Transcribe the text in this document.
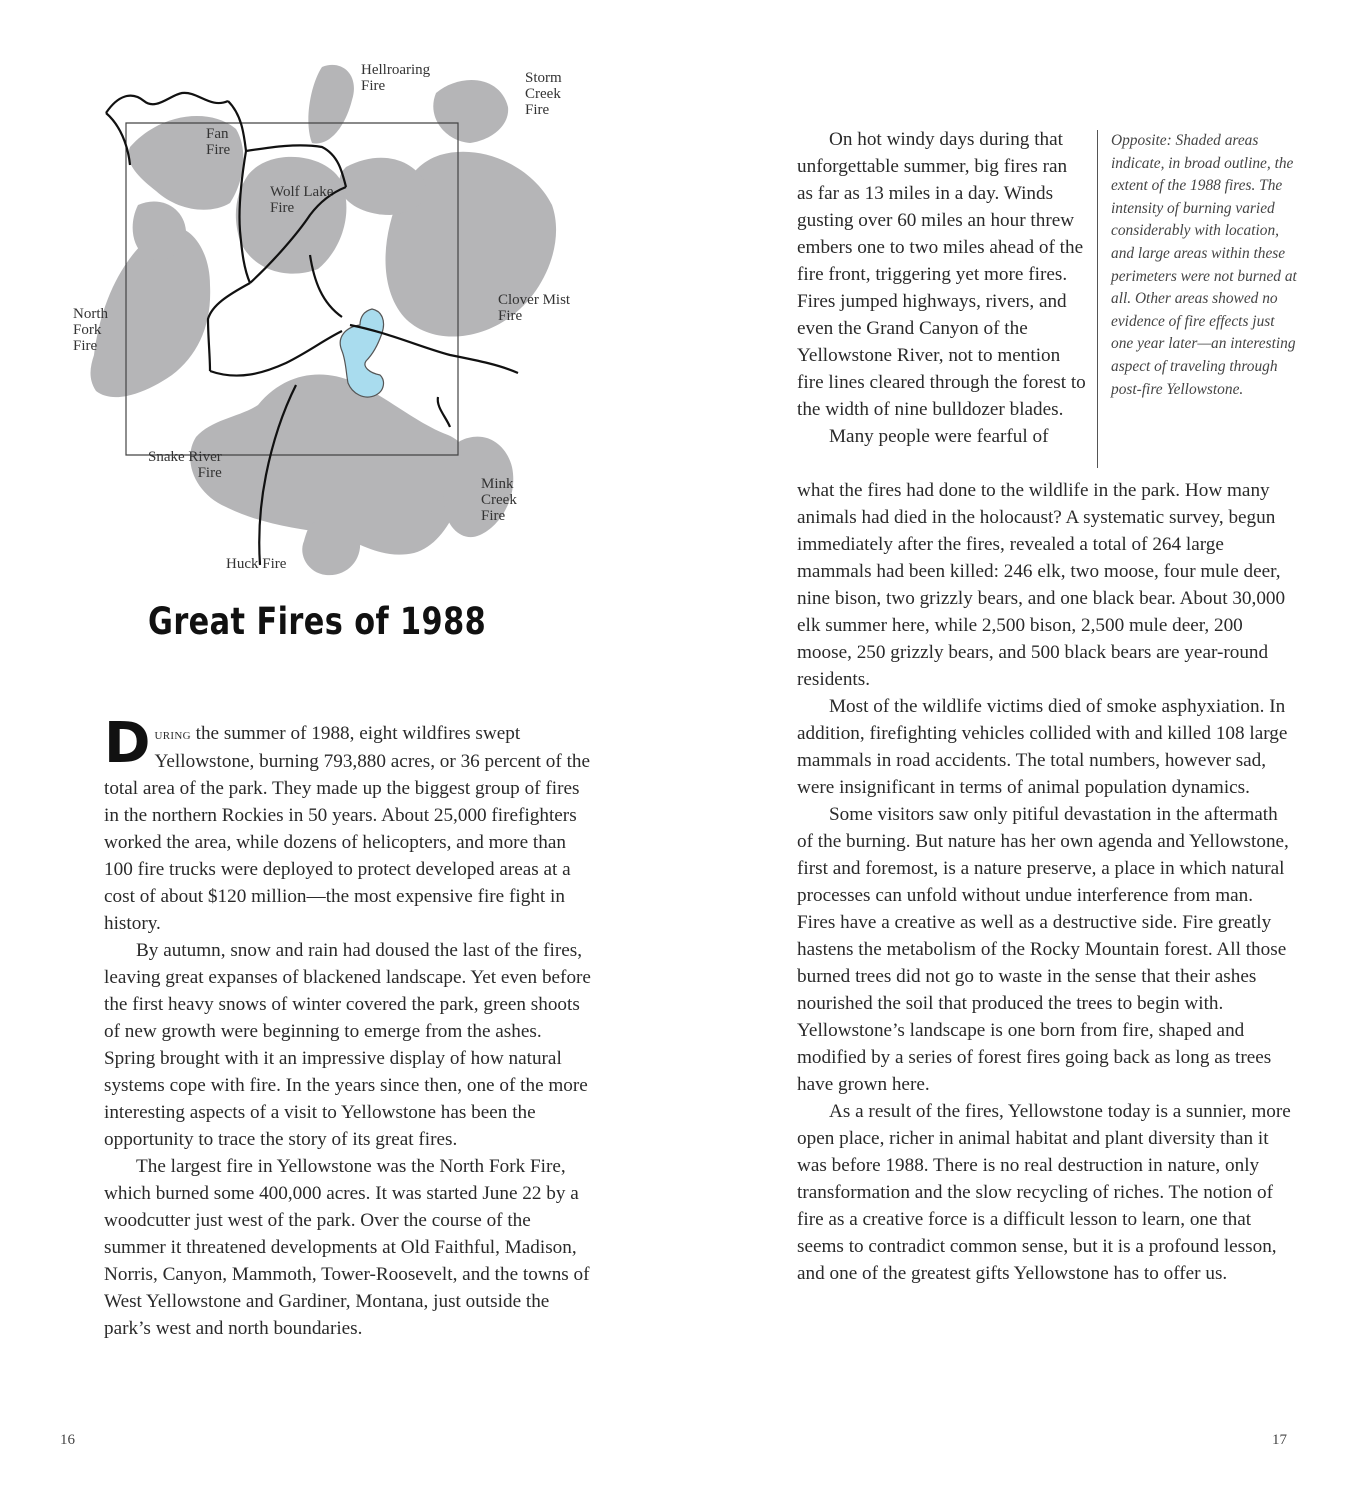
Hellroaring
Fire	Storm
Creek
Fire
Fan
Fire
Wolf Lake
Fire
Clover Mist
Fire
North
Fork
Fire
Snake River
Fire
Mink
Creek
Fire
Huck Fire
Great Fires of 1988

During the summer of 1988, eight wildfires swept Yellowstone, burning 793,880 acres, or 36 percent of the total area of the park. They made up the biggest group of fires in the northern Rockies in 50 years. About 25,000 firefighters worked the area, while dozens of helicopters, and more than 100 fire trucks were deployed to protect developed areas at a cost of about $120 million—the most expensive fire fight in history.

By autumn, snow and rain had doused the last of the fires, leaving great expanses of blackened landscape. Yet even before the first heavy snows of winter covered the park, green shoots of new growth were beginning to emerge from the ashes. Spring brought with it an impressive display of how natural systems cope with fire. In the years since then, one of the more interesting aspects of a visit to Yellowstone has been the opportunity to trace the story of its great fires.

The largest fire in Yellowstone was the North Fork Fire, which burned some 400,000 acres. It was started June 22 by a woodcutter just west of the park. Over the course of the summer it threatened developments at Old Faithful, Madison, Norris, Canyon, Mammoth, Tower-Roosevelt, and the towns of West Yellowstone and Gardiner, Montana, just outside the park’s west and north boundaries.

On hot windy days during that unforgettable summer, big fires ran as far as 13 miles in a day. Winds gusting over 60 miles an hour threw embers one to two miles ahead of the fire front, triggering yet more fires. Fires jumped highways, rivers, and even the Grand Canyon of the Yellowstone River, not to mention fire lines cleared through the forest to the width of nine bulldozer blades.

Many people were fearful of

Opposite: Shaded areas indicate, in broad outline, the extent of the 1988 fires. The intensity of burning varied considerably with location, and large areas within these perimeters were not burned at all. Other areas showed no evidence of fire effects just one year later—an interesting aspect of traveling through post-fire Yellowstone.

what the fires had done to the wildlife in the park. How many animals had died in the holocaust? A systematic survey, begun immediately after the fires, revealed a total of 264 large mammals had been killed: 246 elk, two moose, four mule deer, nine bison, two grizzly bears, and one black bear. About 30,000 elk summer here, while 2,500 bison, 2,500 mule deer, 200 moose, 250 grizzly bears, and 500 black bears are year-round residents.

Most of the wildlife victims died of smoke asphyxiation. In addition, firefighting vehicles collided with and killed 108 large mammals in road accidents. The total numbers, however sad, were insignificant in terms of animal population dynamics.

Some visitors saw only pitiful devastation in the aftermath of the burning. But nature has her own agenda and Yellowstone, first and foremost, is a nature preserve, a place in which natural processes can unfold without undue interference from man. Fires have a creative as well as a destructive side. Fire greatly hastens the metabolism of the Rocky Mountain forest. All those burned trees did not go to waste in the sense that their ashes nourished the soil that produced the trees to begin with. Yellowstone’s landscape is one born from fire, shaped and modified by a series of forest fires going back as long as trees have grown here.

As a result of the fires, Yellowstone today is a sunnier, more open place, richer in animal habitat and plant diversity than it was before 1988. There is no real destruction in nature, only transformation and the slow recycling of riches. The notion of fire as a creative force is a difficult lesson to learn, one that seems to contradict common sense, but it is a profound lesson, and one of the greatest gifts Yellowstone has to offer us.

16	17
